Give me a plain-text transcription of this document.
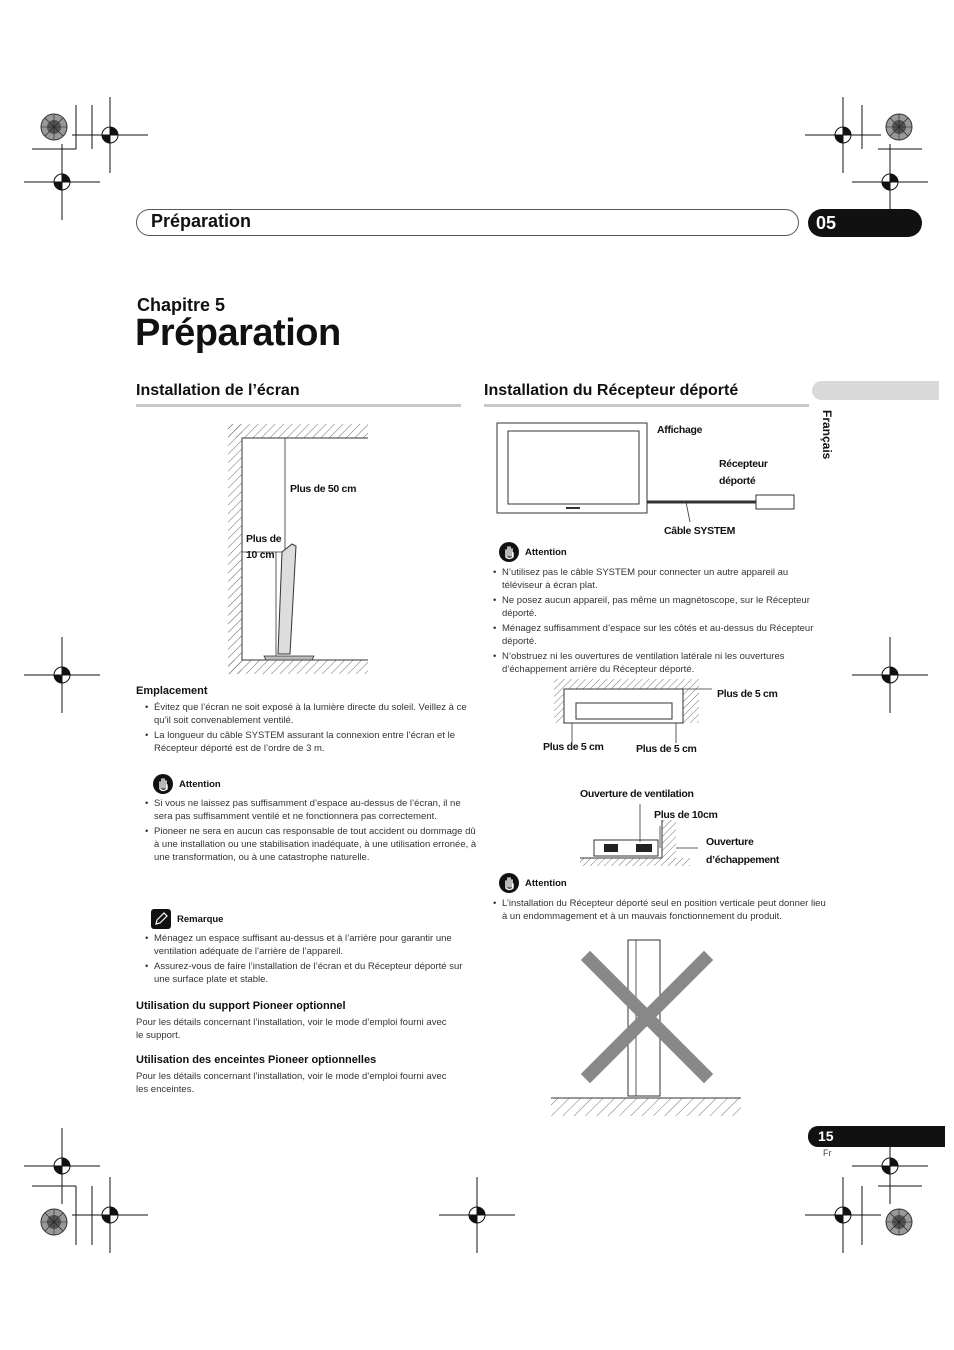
Préparation	05
Chapitre 5
Préparation
Français
Installation de l’écran
Plus de 50 cm
Plus de
10 cm
Emplacement
• Évitez que l’écran ne soit exposé à la lumière directe du soleil. Veillez à ce qu’il soit convenablement ventilé.
• La longueur du câble SYSTEM assurant la connexion entre l’écran et le Récepteur déporté est de l’ordre de 3 m.
Attention
• Si vous ne laissez pas suffisamment d’espace au-dessus de l’écran, il ne sera pas suffisamment ventilé et ne fonctionnera pas correctement.
• Pioneer ne sera en aucun cas responsable de tout accident ou dommage dû à une installation ou une stabilisation inadéquate, à une utilisation erronée, à une transformation, ou à une catastrophe naturelle.
Remarque
• Ménagez un espace suffisant au-dessus et à l’arrière pour garantir une ventilation adéquate de l’arrière de l’appareil.
• Assurez-vous de faire l’installation de l’écran et du Récepteur déporté sur une surface plate et stable.
Utilisation du support Pioneer optionnel
Pour les détails concernant l’installation, voir le mode d’emploi fourni avec le support.
Utilisation des enceintes Pioneer optionnelles
Pour les détails concernant l’installation, voir le mode d’emploi fourni avec les enceintes.
Installation du Récepteur déporté
Affichage
Récepteur
déporté
Câble SYSTEM
Attention
• N’utilisez pas le câble SYSTEM pour connecter un autre appareil au téléviseur à écran plat.
• Ne posez aucun appareil, pas même un magnétoscope, sur le Récepteur déporté.
• Ménagez suffisamment d’espace sur les côtés et au-dessus du Récepteur déporté.
• N’obstruez ni les ouvertures de ventilation latérale ni les ouvertures d’échappement arrière du Récepteur déporté.
Plus de 5 cm
Plus de 5 cm	Plus de 5 cm
Ouverture de ventilation
Plus de 10cm
Ouverture
d’échappement
Attention
• L’installation du Récepteur déporté seul en position verticale peut donner lieu à un endommagement et à un mauvais fonctionnement du produit.
15
Fr
